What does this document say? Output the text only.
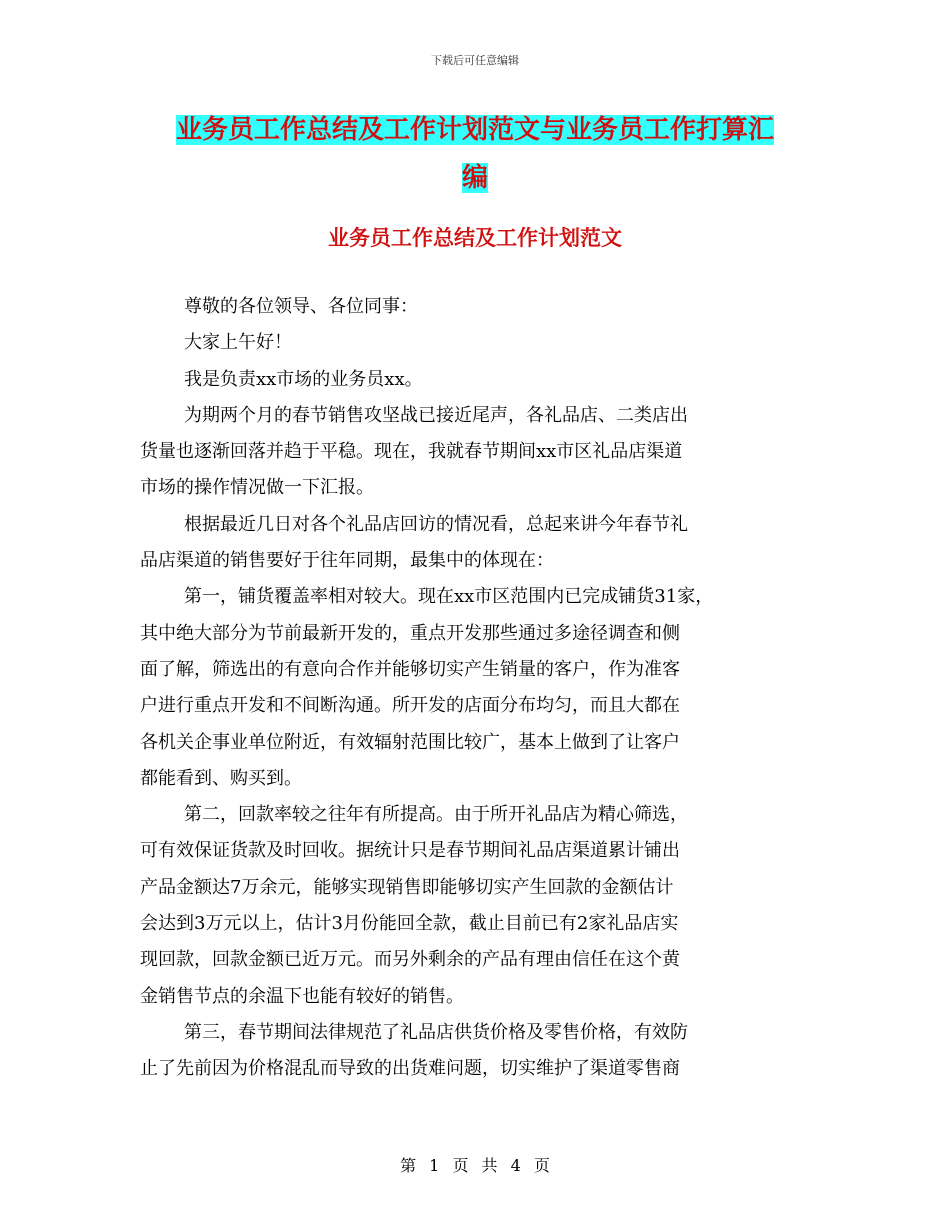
下载后可任意编辑
业务员工作总结及工作计划范文与业务员工作打算汇
编
业务员工作总结及工作计划范文

尊敬的各位领导、各位同事：

大家上午好！

我是负责xx市场的业务员xx。

为期两个月的春节销售攻坚战已接近尾声，各礼品店、二类店出

货量也逐渐回落并趋于平稳。现在，我就春节期间xx市区礼品店渠道

市场的操作情况做一下汇报。

根据最近几日对各个礼品店回访的情况看，总起来讲今年春节礼

品店渠道的销售要好于往年同期，最集中的体现在：

第一，铺货覆盖率相对较大。现在xx市区范围内已完成铺货31家，

其中绝大部分为节前最新开发的，重点开发那些通过多途径调查和侧

面了解，筛选出的有意向合作并能够切实产生销量的客户，作为准客

户进行重点开发和不间断沟通。所开发的店面分布均匀，而且大都在

各机关企事业单位附近，有效辐射范围比较广，基本上做到了让客户

都能看到、购买到。

第二，回款率较之往年有所提高。由于所开礼品店为精心筛选，

可有效保证货款及时回收。据统计只是春节期间礼品店渠道累计铺出

产品金额达7万余元，能够实现销售即能够切实产生回款的金额估计

会达到3万元以上，估计3月份能回全款，截止目前已有2家礼品店实

现回款，回款金额已近万元。而另外剩余的产品有理由信任在这个黄

金销售节点的余温下也能有较好的销售。

第三，春节期间法律规范了礼品店供货价格及零售价格，有效防

止了先前因为价格混乱而导致的出货难问题，切实维护了渠道零售商

第 1 页 共 4 页
